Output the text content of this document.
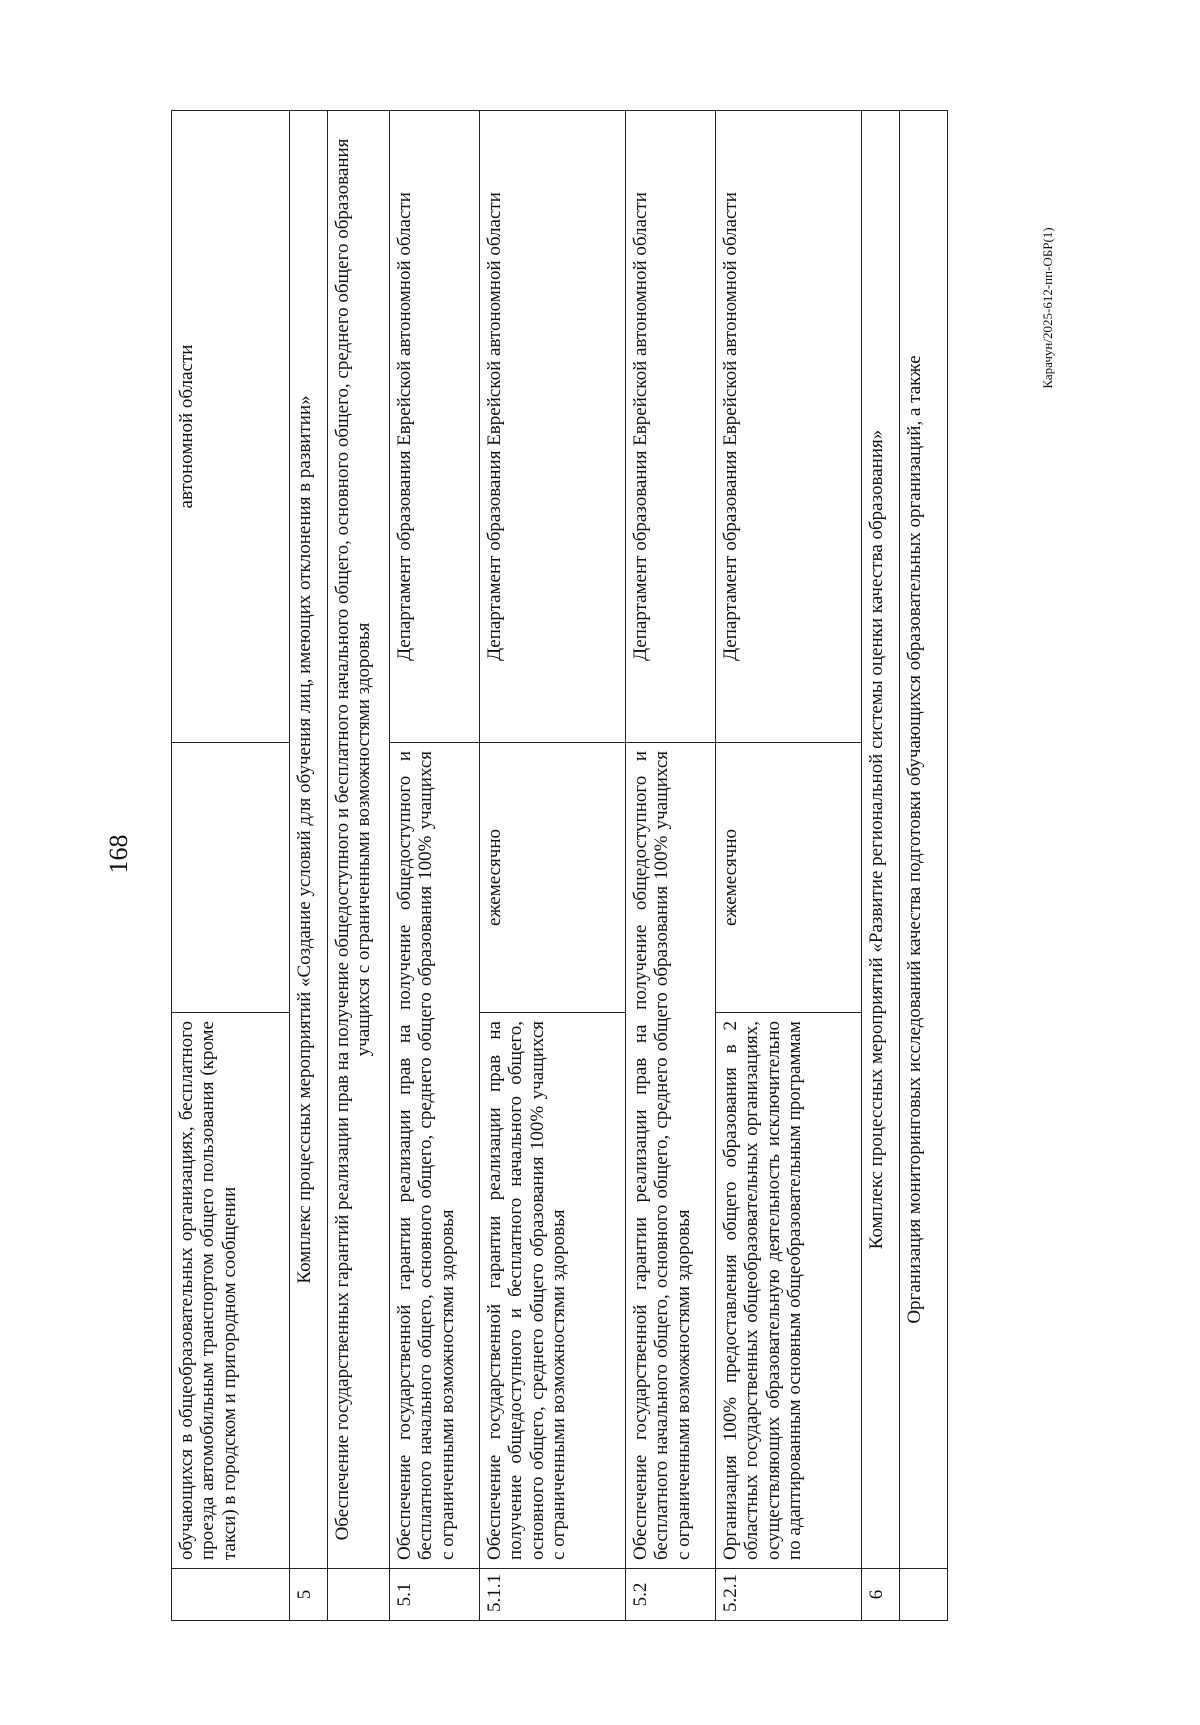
168
	обучающихся в общеобразовательных организациях, бесплатного проезда автомобильным транспортом общего пользования (кроме такси) в городском и пригородном сообщении		автономной области
5	Комплекс процессных мероприятий «Создание условий для обучения лиц, имеющих отклонения в развитии»		
	Обеспечение государственных гарантий реализации прав на получение общедоступного и бесплатного начального общего, основного общего, среднего общего образования учащихся с ограниченными возможностями здоровья		
5.1	Обеспечение государственной гарантии реализации прав на получение общедоступного и бесплатного начального общего, основного общего, среднего общего образования 100% учащихся с ограниченными возможностями здоровья		Департамент образования Еврейской автономной области
5.1.1	Обеспечение государственной гарантии реализации прав на получение общедоступного и бесплатного начального общего, основного общего, среднего общего образования 100% учащихся с ограниченными возможностями здоровья	ежемесячно	Департамент образования Еврейской автономной области
5.2	Обеспечение государственной гарантии реализации прав на получение общедоступного и бесплатного начального общего, основного общего, среднего общего образования 100% учащихся с ограниченными возможностями здоровья		Департамент образования Еврейской автономной области
5.2.1	Организация 100% предоставления общего образования в 2 областных государственных общеобразовательных организациях, осуществляющих образовательную деятельность исключительно по адаптированным основным общеобразовательным программам	ежемесячно	Департамент образования Еврейской автономной области
6	Комплекс процессных мероприятий «Развитие региональной системы оценки качества образования»		
	Организация мониторинговых исследований качества подготовки обучающихся образовательных организаций, а также		
Карачун/2025-612-пп-ОБР(1)
